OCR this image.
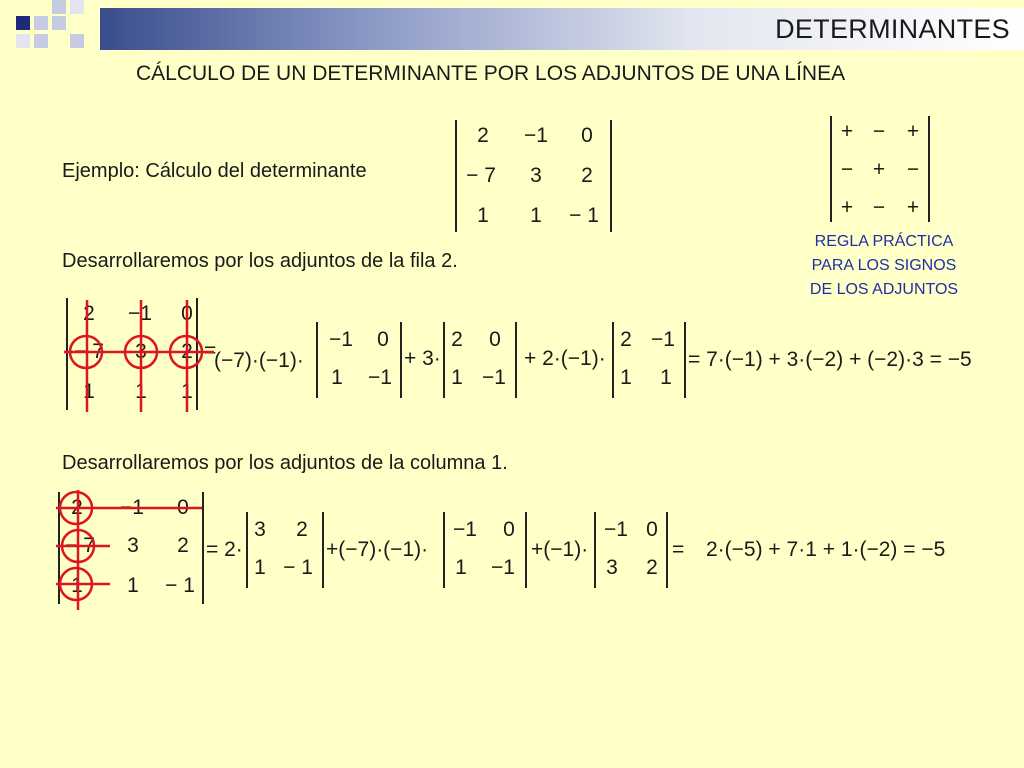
DETERMINANTES
CÁLCULO DE UN DETERMINANTE POR LOS ADJUNTOS DE UNA LÍNEA
Ejemplo: Cálculo del determinante
2	−1	0
− 7	3	2
1	1	− 1
+ −	+
− +	−
+ −	+
REGLA PRÁCTICA
PARA LOS SIGNOS
DE LOS ADJUNTOS
Desarrollaremos por los adjuntos de la fila 2.
2	−1	0
− 7	3	2
1	1	1
=
(−7)·(−1)·
−1	0
1	−1
+ 3·
2 0
1 −1
+ 2·(−1)·
2 −1
1 1
= 7·(−1) + 3·(−2) + (−2)·3 = −5
Desarrollaremos por los adjuntos de la columna 1.
2	−1	0
− 7	3	2
1	1	− 1
= 2·
3 2
1 − 1
+(−7)·(−1)·
−1	0
1	−1
+(−1)·
−1 0
3 2
= 2·(−5) + 7·1 + 1·(−2) = −5
